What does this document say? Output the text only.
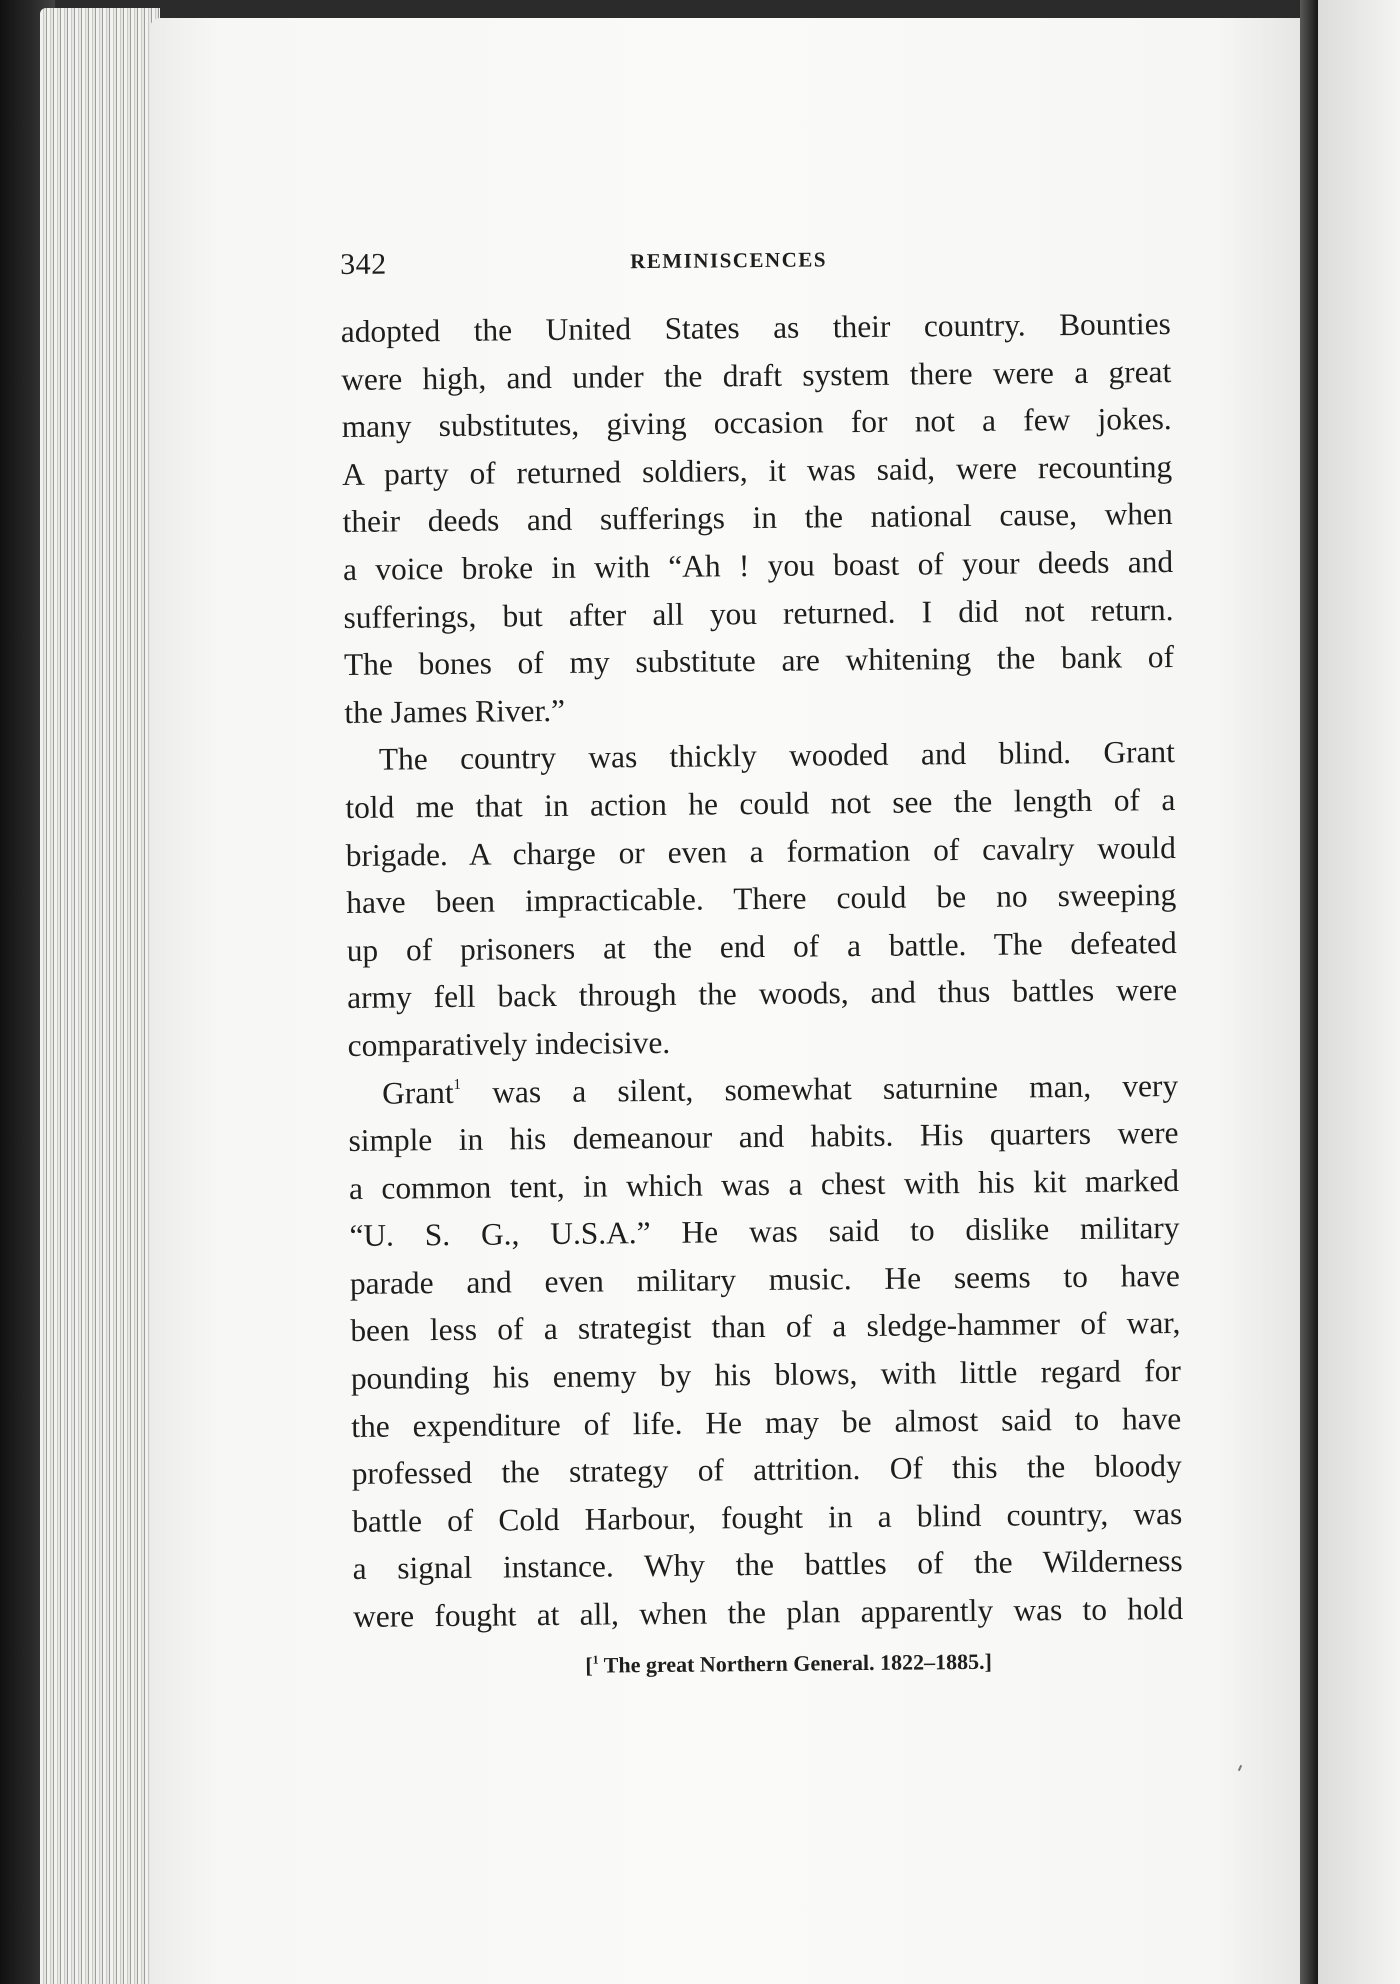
342	REMINISCENCES
adopted the United States as their country. Bounties
were high, and under the draft system there were a great
many substitutes, giving occasion for not a few jokes.
A party of returned soldiers, it was said, were recounting
their deeds and sufferings in the national cause, when
a voice broke in with “Ah ! you boast of your deeds and
sufferings, but after all you returned. I did not return.
The bones of my substitute are whitening the bank of
the James River.”
The country was thickly wooded and blind. Grant
told me that in action he could not see the length of a
brigade. A charge or even a formation of cavalry would
have been impracticable. There could be no sweeping
up of prisoners at the end of a battle. The defeated
army fell back through the woods, and thus battles were
comparatively indecisive.
Grant$^1$ was a silent, somewhat saturnine man, very
simple in his demeanour and habits. His quarters were
a common tent, in which was a chest with his kit marked
“U. S. G., U.S.A.” He was said to dislike military
parade and even military music. He seems to have
been less of a strategist than of a sledge-hammer of war,
pounding his enemy by his blows, with little regard for
the expenditure of life. He may be almost said to have
professed the strategy of attrition. Of this the bloody
battle of Cold Harbour, fought in a blind country, was
a signal instance. Why the battles of the Wilderness
were fought at all, when the plan apparently was to hold
[$^1$ The great Northern General. 1822–1885.]
